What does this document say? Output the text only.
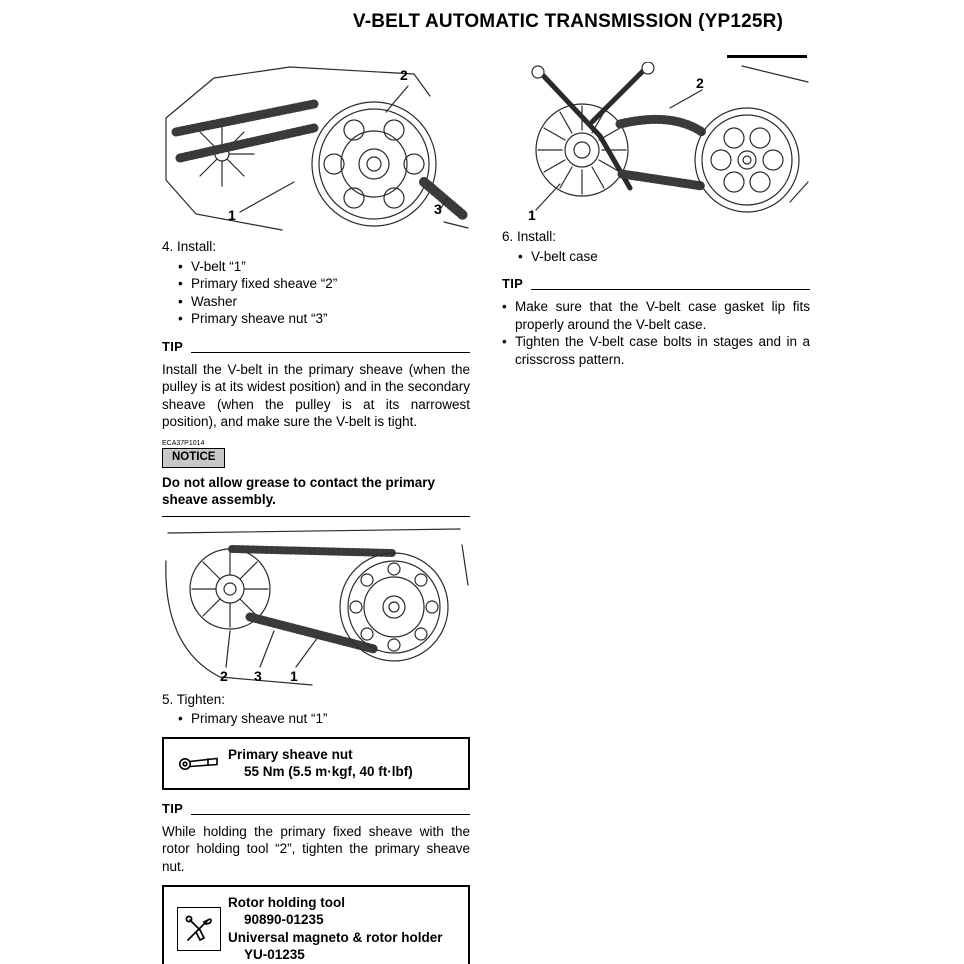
V-BELT AUTOMATIC TRANSMISSION (YP125R)
2
1	3
4. Install:
• V-belt “1”
• Primary fixed sheave “2”
• Washer
• Primary sheave nut “3”
TIP

Install the V-belt in the primary sheave (when the pulley is at its widest position) and in the secondary sheave (when the pulley is at its narrowest position), and make sure the V-belt is tight.

ECA37P1014
NOTICE

Do not allow grease to contact the primary sheave assembly.

2 3 1
5. Tighten:
• Primary sheave nut “1”
Primary sheave nut
55 Nm (5.5 m·kgf, 40 ft·lbf)
TIP

While holding the primary fixed sheave with the rotor holding tool “2”, tighten the primary sheave nut.

Rotor holding tool
90890-01235
Universal magneto & rotor holder
YU-01235
2
1
6. Install:
• V-belt case
TIP

• Make sure that the V-belt case gasket lip fits properly around the V-belt case.

• Tighten the V-belt case bolts in stages and in a crisscross pattern.
